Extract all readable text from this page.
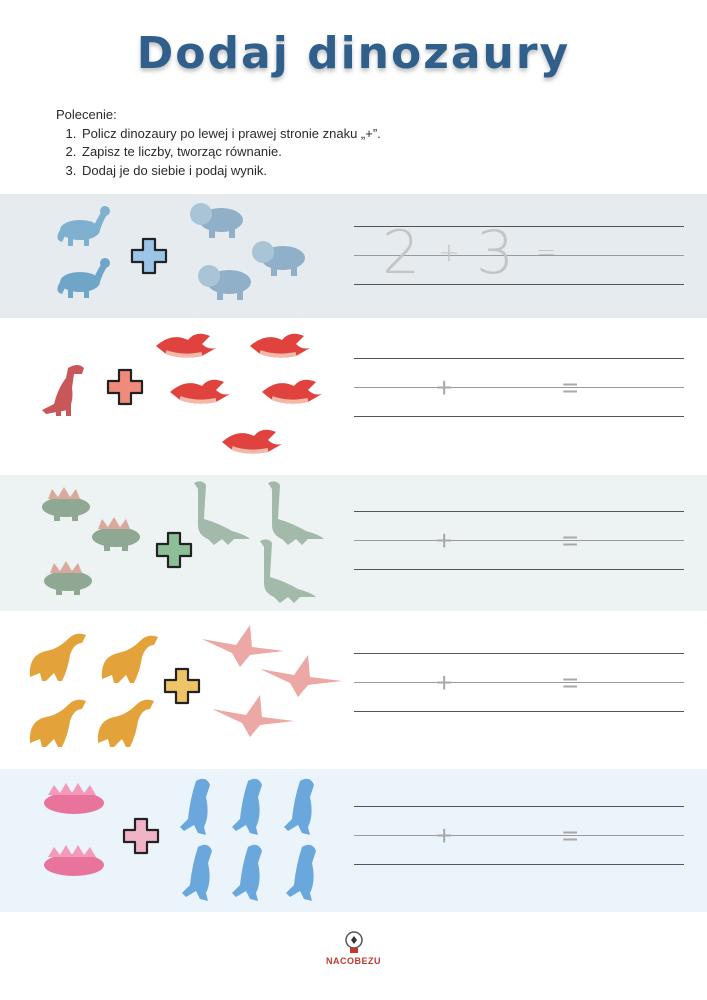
Dodaj dinozaury
Polecenie:
1. Policz dinozaury po lewej i prawej stronie znaku „+”.
2. Zapisz te liczby, tworząc równanie.
3. Dodaj je do siebie i podaj wynik.
2 + 3 =
+	=
+	=
+	=
+	=
NACOBEZU
